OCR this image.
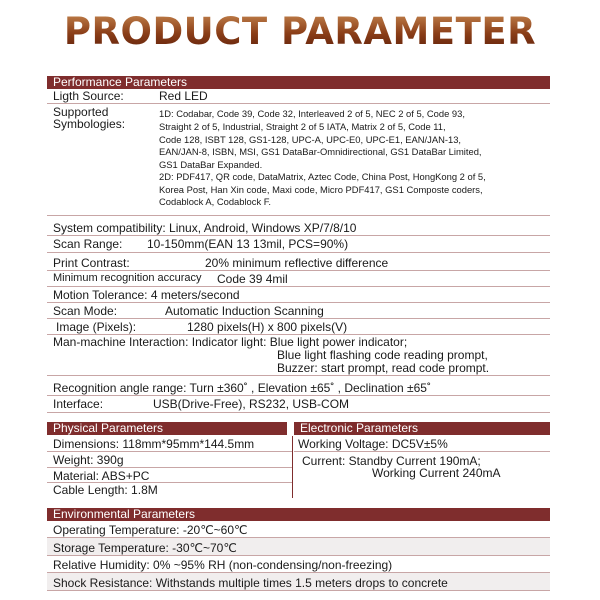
PRODUCT PARAMETER
Performance Parameters
Ligth Source:	Red LED
Supported
Symbologies:
1D: Codabar, Code 39, Code 32, Interleaved 2 of 5, NEC 2 of 5, Code 93,
Straight 2 of 5, Industrial, Straight 2 of 5 IATA, Matrix 2 of 5, Code 11,
Code 128, ISBT 128, GS1-128, UPC-A, UPC-E0, UPC-E1, EAN/JAN-13,
EAN/JAN-8, ISBN, MSI, GS1 DataBar-Omnidirectional, GS1 DataBar Limited,
GS1 DataBar Expanded.
2D: PDF417, QR code, DataMatrix, Aztec Code, China Post, HongKong 2 of 5,
Korea Post, Han Xin code, Maxi code, Micro PDF417, GS1 Composte coders,
Codablock A, Codablock F.
System compatibility: Linux, Android, Windows XP/7/8/10
Scan Range: 10-150mm(EAN 13 13mil, PCS=90%)
Print Contrast:	20% minimum reflective difference
Minimum recognition accuracy Code 39 4mil
Motion Tolerance: 4 meters/second
Scan Mode:	Automatic Induction Scanning
Image (Pixels):	1280 pixels(H) x 800 pixels(V)
Man-machine Interaction: Indicator light: Blue light power indicator;
Blue light flashing code reading prompt,
Buzzer: start prompt, read code prompt.
Recognition angle range: Turn ±360˚ , Elevation ±65˚ , Declination ±65˚
Interface:	USB(Drive-Free), RS232, USB-COM
Physical Parameters	Electronic Parameters
Dimensions: 118mm*95mm*144.5mm
Weight: 390g
Material: ABS+PC
Cable Length: 1.8M
Working Voltage: DC5V±5%
Current: Standby Current 190mA;
Working Current 240mA
Environmental Parameters
Operating Temperature: -20℃~60℃
Storage Temperature: -30℃~70℃
Relative Humidity: 0% ~95% RH (non-condensing/non-freezing)
Shock Resistance: Withstands multiple times 1.5 meters drops to concrete
